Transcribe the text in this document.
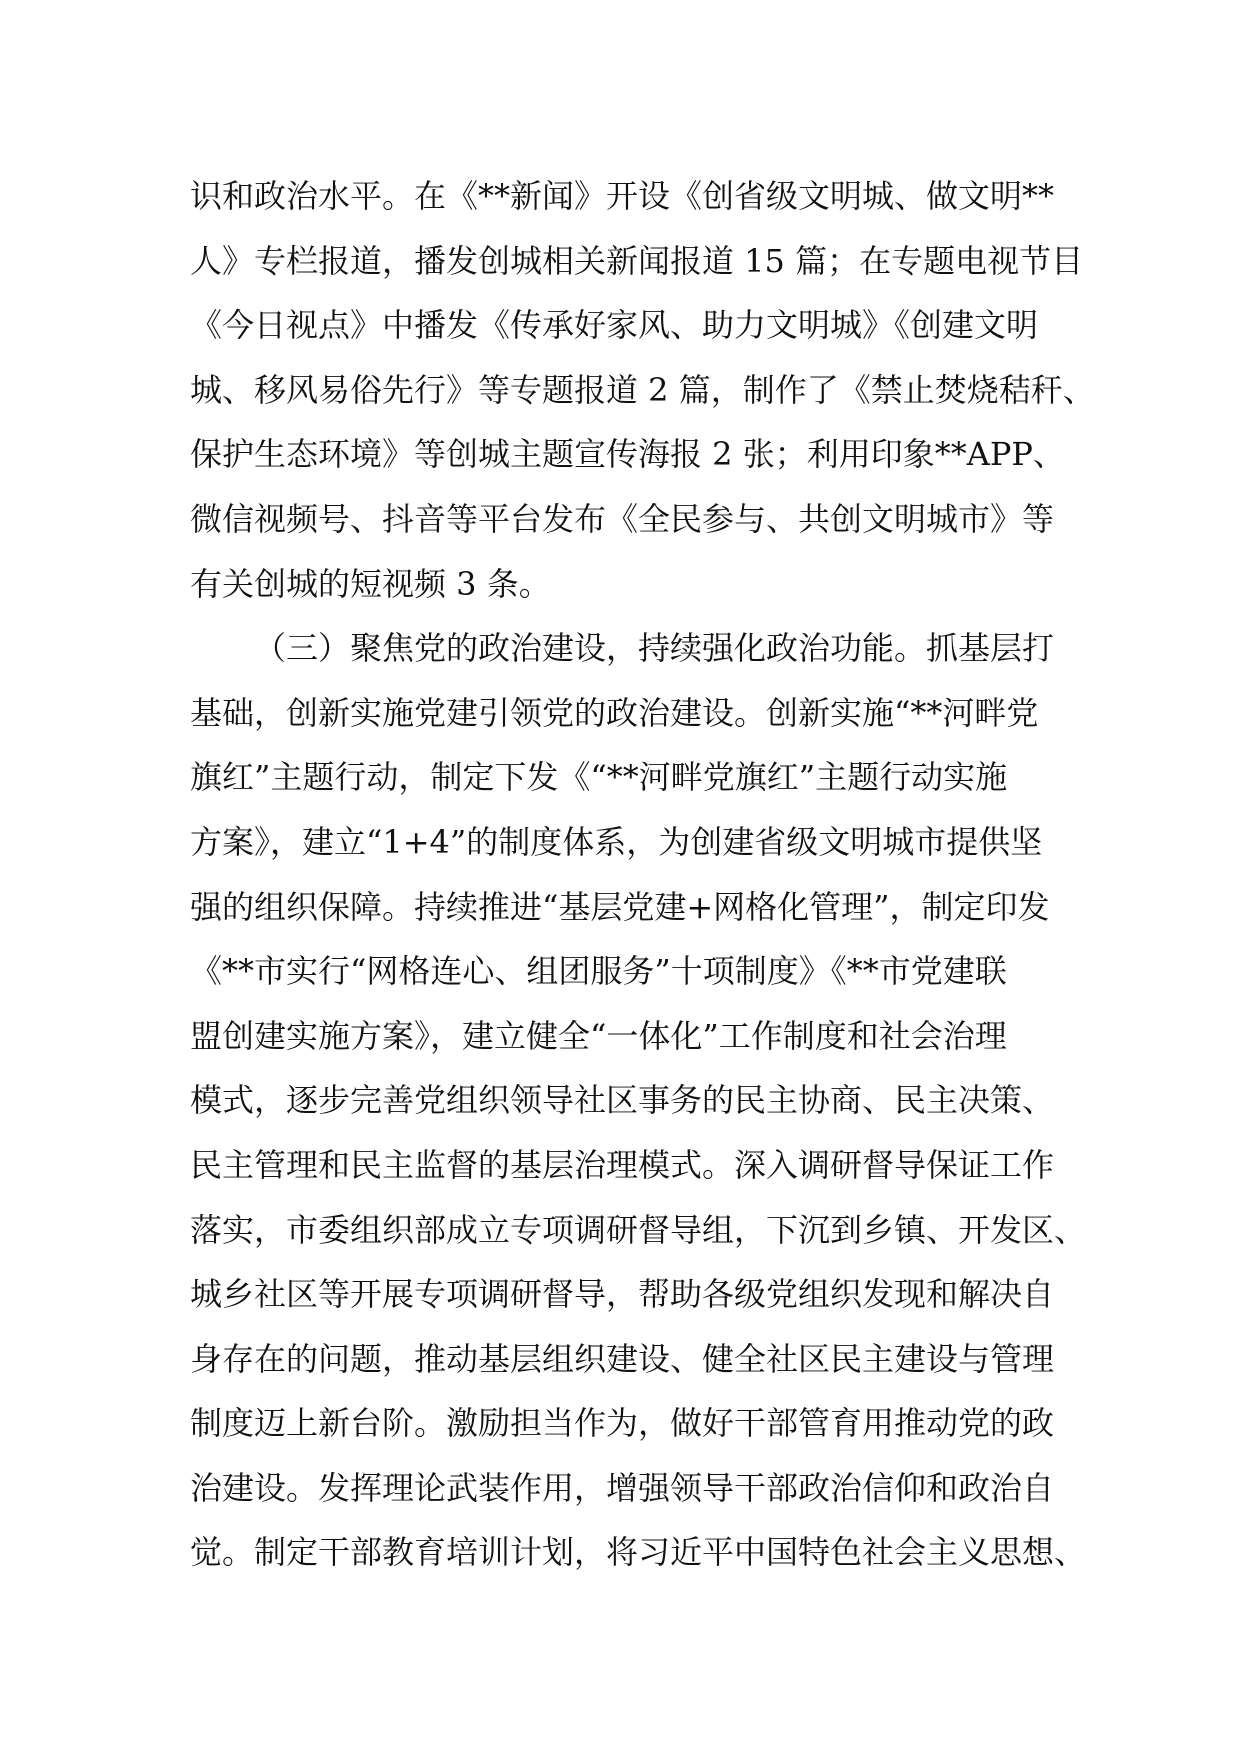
识和政治水平。在《**新闻》开设《创省级文明城、做文明**
人》专栏报道，播发创城相关新闻报道 15 篇；在专题电视节目
《今日视点》中播发《传承好家风、助力文明城》《创建文明
城、移风易俗先行》等专题报道 2 篇，制作了《禁止焚烧秸秆、
保护生态环境》等创城主题宣传海报 2 张；利用印象**APP、
微信视频号、抖音等平台发布《全民参与、共创文明城市》等
有关创城的短视频 3 条。
（三）聚焦党的政治建设，持续强化政治功能。抓基层打
基础，创新实施党建引领党的政治建设。创新实施“**河畔党
旗红”主题行动，制定下发《“**河畔党旗红”主题行动实施
方案》，建立“1+4”的制度体系，为创建省级文明城市提供坚
强的组织保障。持续推进“基层党建+网格化管理”，制定印发
《**市实行“网格连心、组团服务”十项制度》《**市党建联
盟创建实施方案》，建立健全“一体化”工作制度和社会治理
模式，逐步完善党组织领导社区事务的民主协商、民主决策、
民主管理和民主监督的基层治理模式。深入调研督导保证工作
落实，市委组织部成立专项调研督导组，下沉到乡镇、开发区、
城乡社区等开展专项调研督导，帮助各级党组织发现和解决自
身存在的问题，推动基层组织建设、健全社区民主建设与管理
制度迈上新台阶。激励担当作为，做好干部管育用推动党的政
治建设。发挥理论武装作用，增强领导干部政治信仰和政治自
觉。制定干部教育培训计划，将习近平中国特色社会主义思想、
